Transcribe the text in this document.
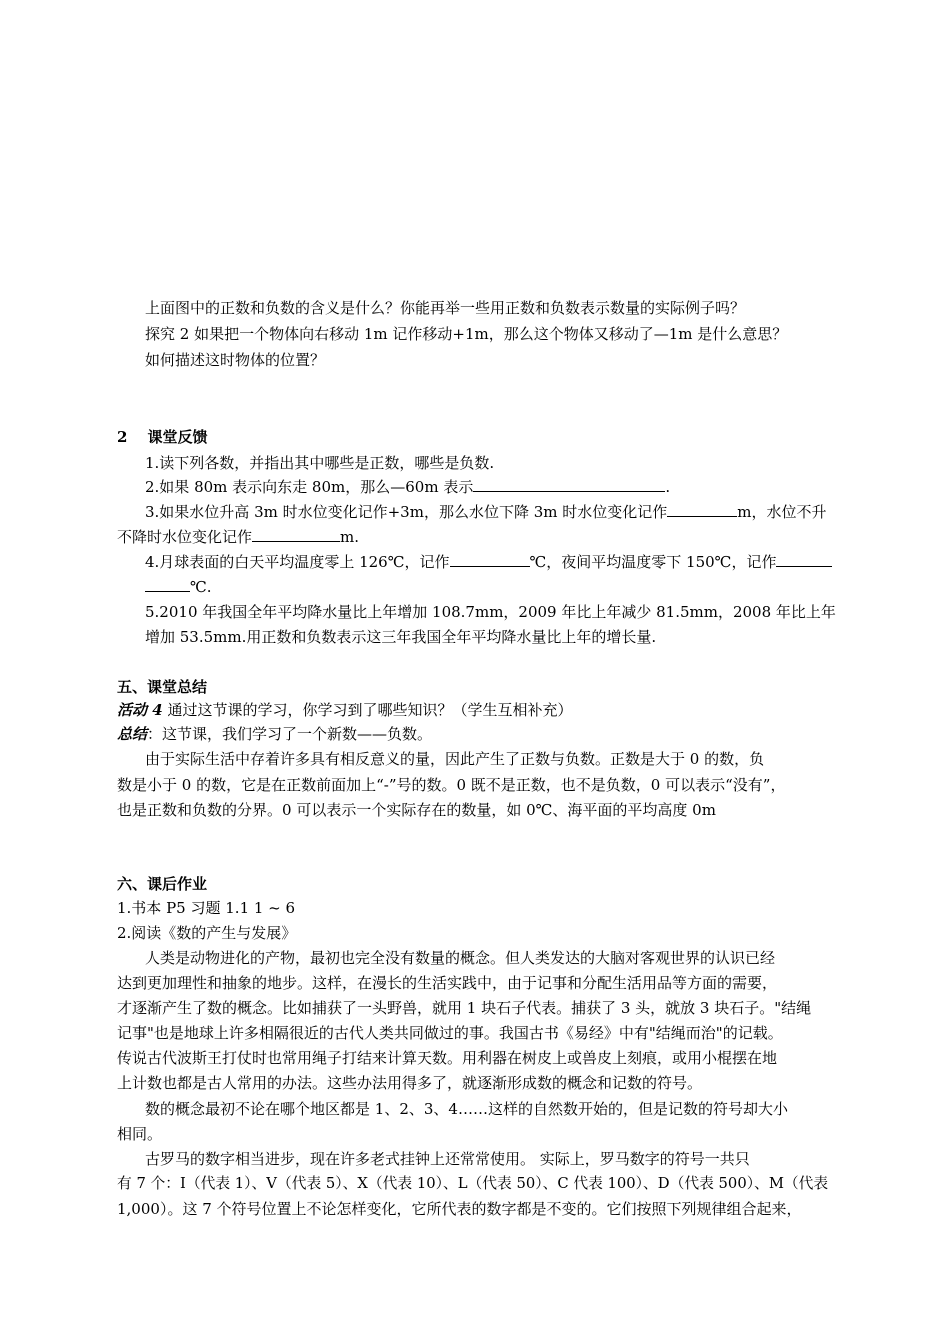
上面图中的正数和负数的含义是什么？你能再举一些用正数和负数表示数量的实际例子吗？
探究 2 如果把一个物体向右移动 1m 记作移动+1m，那么这个物体又移动了—1m 是什么意思？
如何描述这时物体的位置？
2 课堂反馈
1.读下列各数，并指出其中哪些是正数，哪些是负数.
2.如果 80m 表示向东走 80m，那么—60m 表示	.
3.如果水位升高 3m 时水位变化记作+3m，那么水位下降 3m 时水位变化记作	m，水位不升
不降时水位变化记作	m.
4.月球表面的白天平均温度零上 126℃，记作	℃，夜间平均温度零下 150℃，记作
℃.
5.2010 年我国全年平均降水量比上年增加 108.7mm，2009 年比上年减少 81.5mm，2008 年比上年
增加 53.5mm.用正数和负数表示这三年我国全年平均降水量比上年的增长量.
五、课堂总结
活动 4 通过这节课的学习，你学习到了哪些知识？（学生互相补充）
总结：这节课，我们学习了一个新数——负数。
由于实际生活中存着许多具有相反意义的量，因此产生了正数与负数。正数是大于 0 的数，负
数是小于 0 的数，它是在正数前面加上“-”号的数。0 既不是正数，也不是负数，0 可以表示“没有”，
也是正数和负数的分界。0 可以表示一个实际存在的数量，如 0℃、海平面的平均高度 0m
六、课后作业
1.书本 P5 习题 1.1 1 ~ 6
2.阅读《数的产生与发展》
人类是动物进化的产物，最初也完全没有数量的概念。但人类发达的大脑对客观世界的认识已经
达到更加理性和抽象的地步。这样，在漫长的生活实践中，由于记事和分配生活用品等方面的需要，
才逐渐产生了数的概念。比如捕获了一头野兽，就用 1 块石子代表。捕获了 3 头，就放 3 块石子。"结绳
记事"也是地球上许多相隔很近的古代人类共同做过的事。我国古书《易经》中有"结绳而治"的记载。
传说古代波斯王打仗时也常用绳子打结来计算天数。用利器在树皮上或兽皮上刻痕，或用小棍摆在地
上计数也都是古人常用的办法。这些办法用得多了，就逐渐形成数的概念和记数的符号。
数的概念最初不论在哪个地区都是 1、2、3、4……这样的自然数开始的，但是记数的符号却大小
相同。
古罗马的数字相当进步，现在许多老式挂钟上还常常使用。 实际上，罗马数字的符号一共只
有 7 个：I（代表 1）、V（代表 5）、X（代表 10）、L（代表 50）、C 代表 100）、D（代表 500）、M（代表
1,000）。这 7 个符号位置上不论怎样变化，它所代表的数字都是不变的。它们按照下列规律组合起来，
